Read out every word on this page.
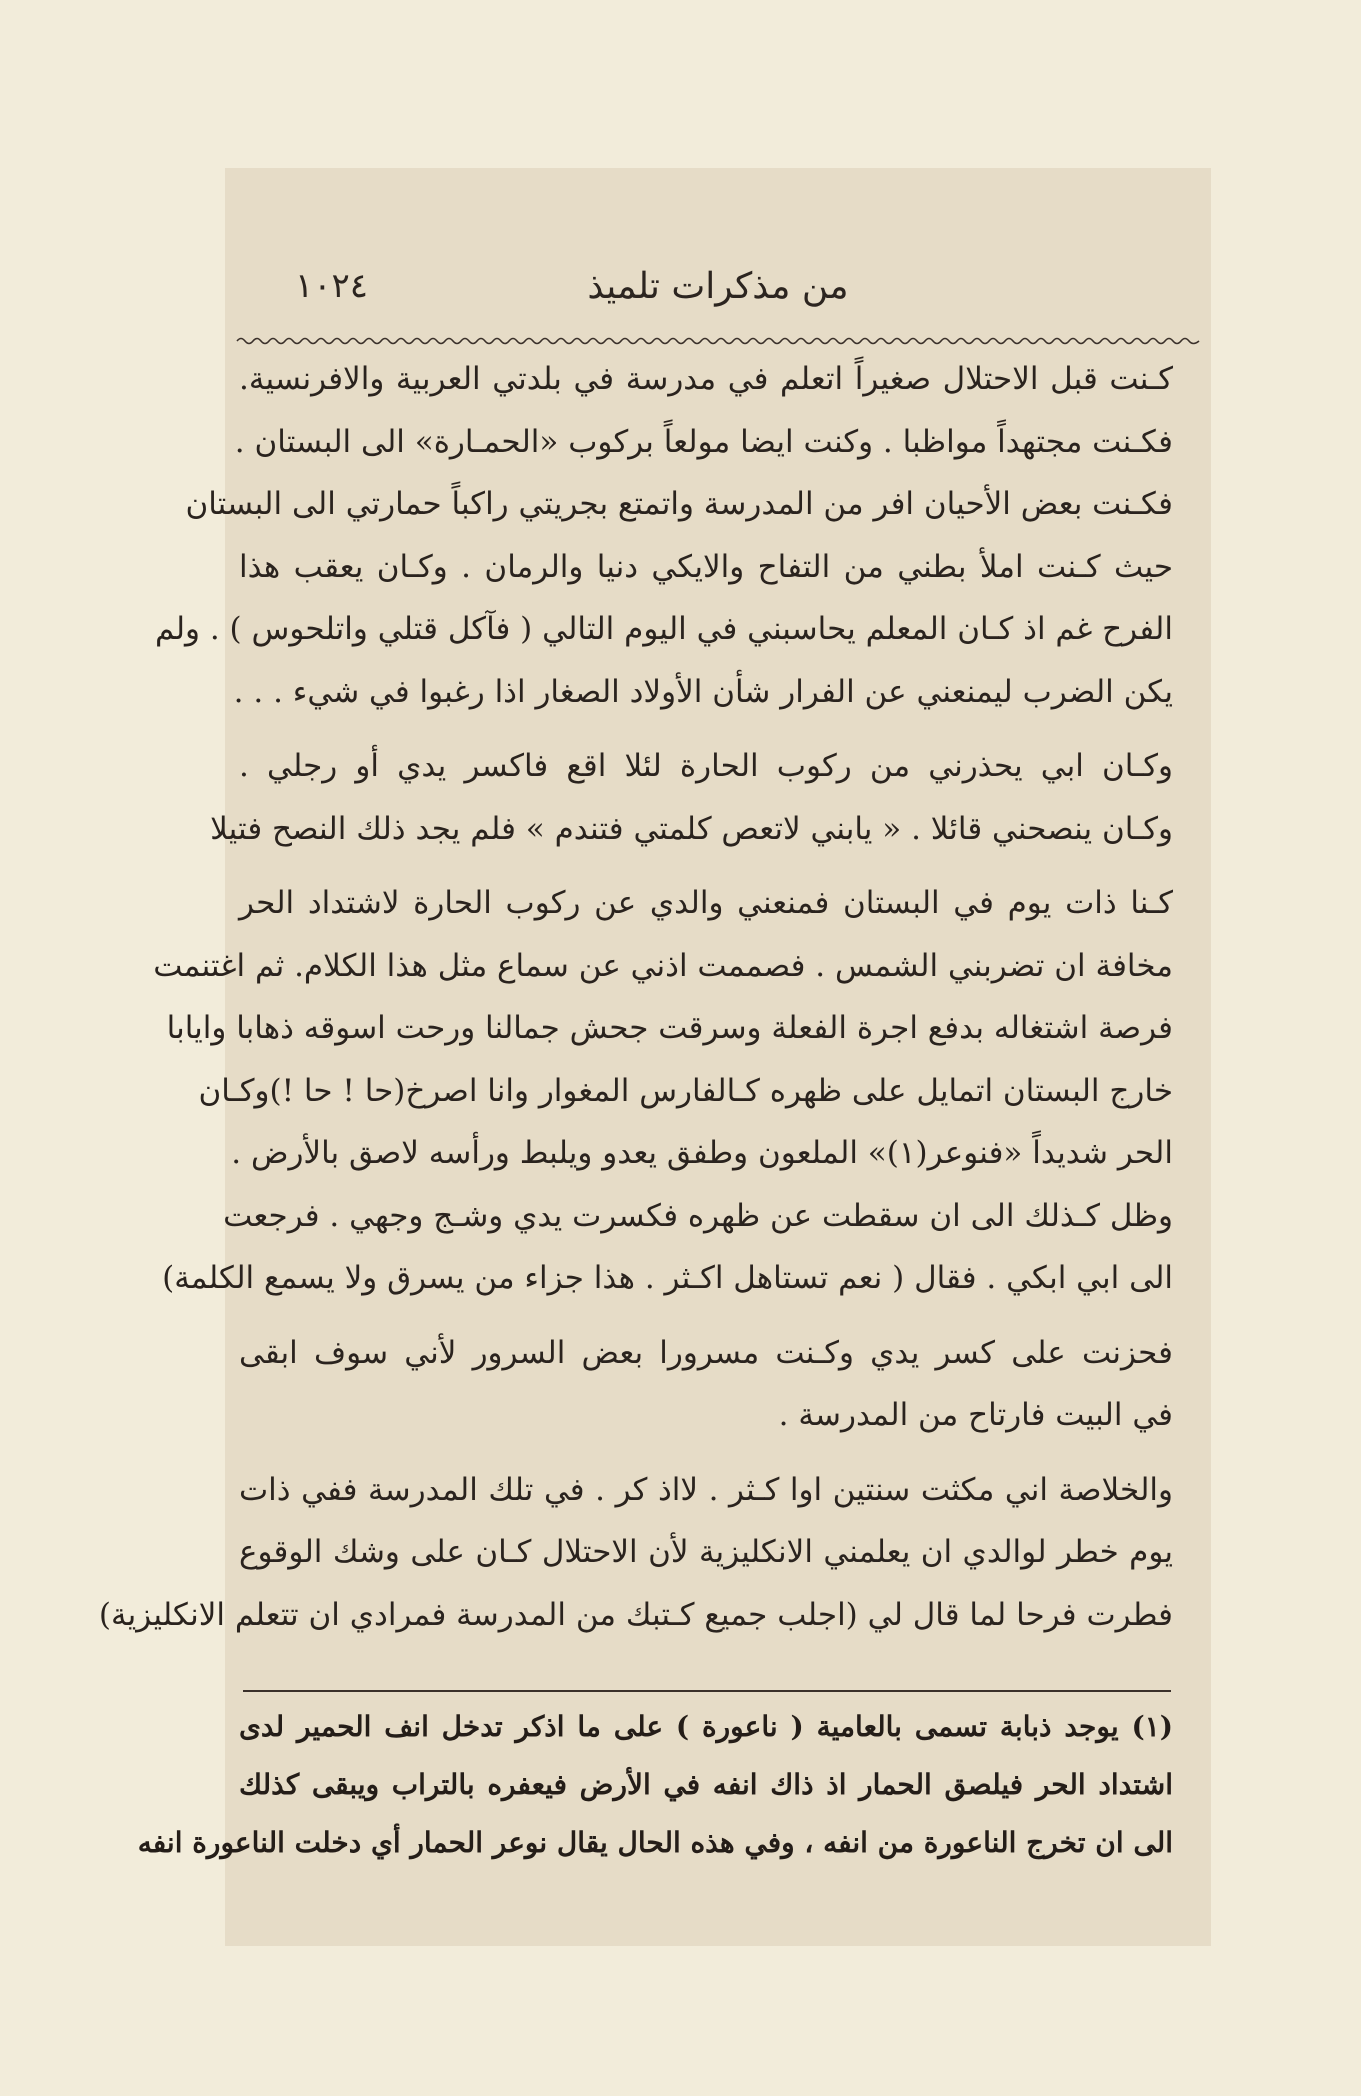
١٠٢٤	من مذكرات تلميذ
كـنت قبل الاحتلال صغيراً اتعلم في مدرسة في بلدتي العربية والافرنسية.
فكـنت مجتهداً مواظبا . وكنت ايضا مولعاً بركوب «الحمـارة» الى البستان .
فكـنت بعض الأحيان افر من المدرسة واتمتع بجريتي راكباً حمارتي الى البستان
حيث كـنت املأ بطني من التفاح والايكي دنيا والرمان . وكـان يعقب هذا
الفرح غم اذ كـان المعلم يحاسبني في اليوم التالي ( فآكل قتلي واتلحوس ) . ولم
يكن الضرب ليمنعني عن الفرار شأن الأولاد الصغار اذا رغبوا في شيء . . .
وكـان ابي يحذرني من ركوب الحارة لئلا اقع فاكسر يدي أو رجلي .
وكـان ينصحني قائلا . « يابني لاتعص كلمتي فتندم » فلم يجد ذلك النصح فتيلا
كـنا ذات يوم في البستان فمنعني والدي عن ركوب الحارة لاشتداد الحر
مخافة ان تضربني الشمس . فصممت اذني عن سماع مثل هذا الكلام. ثم اغتنمت
فرصة اشتغاله بدفع اجرة الفعلة وسرقت جحش جمالنا ورحت اسوقه ذهابا وايابا
خارج البستان اتمايل على ظهره كـالفارس المغوار وانا اصرخ(حا ! حا !)وكـان
الحر شديداً «فنوعر(١)» الملعون وطفق يعدو ويلبط ورأسه لاصق بالأرض .
وظل كـذلك الى ان سقطت عن ظهره فكسرت يدي وشـج وجهي . فرجعت
الى ابي ابكي . فقال ( نعم تستاهل اكـثر . هذا جزاء من يسرق ولا يسمع الكلمة)
فحزنت على كسر يدي وكـنت مسرورا بعض السرور لأني سوف ابقى
في البيت فارتاح من المدرسة .
والخلاصة اني مكثت سنتين اوا كـثر . لااذ كر . في تلك المدرسة ففي ذات
يوم خطر لوالدي ان يعلمني الانكليزية لأن الاحتلال كـان على وشك الوقوع
فطرت فرحا لما قال لي (اجلب جميع كـتبك من المدرسة فمرادي ان تتعلم الانكليزية)
(١) يوجد ذبابة تسمى بالعامية ( ناعورة ) على ما اذكر تدخل انف الحمير لدى
اشتداد الحر فيلصق الحمار اذ ذاك انفه في الأرض فيعفره بالتراب ويبقى كذلك
الى ان تخرج الناعورة من انفه ، وفي هذه الحال يقال نوعر الحمار أي دخلت الناعورة انفه
